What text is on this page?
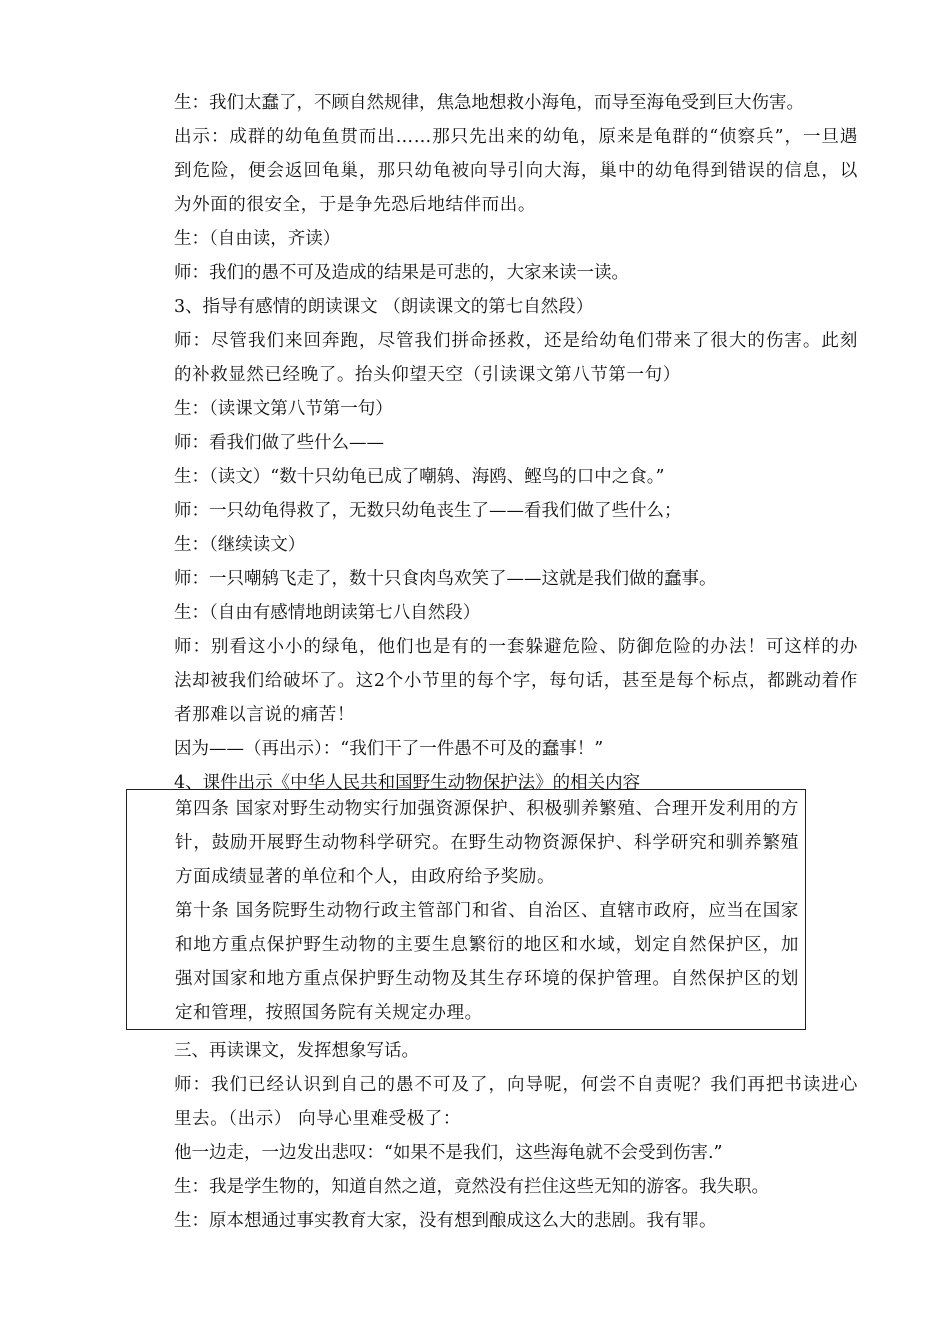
生：我们太蠢了，不顾自然规律，焦急地想救小海龟，而导至海龟受到巨大伤害。
出示：成群的幼龟鱼贯而出……那只先出来的幼龟，原来是龟群的“侦察兵”，一旦遇到危险，便会返回龟巢，那只幼龟被向导引向大海，巢中的幼龟得到错误的信息，以为外面的很安全，于是争先恐后地结伴而出。
生：（自由读，齐读）
师：我们的愚不可及造成的结果是可悲的，大家来读一读。
3、指导有感情的朗读课文 （朗读课文的第七自然段）
师：尽管我们来回奔跑，尽管我们拼命拯救，还是给幼龟们带来了很大的伤害。此刻的补救显然已经晚了。抬头仰望天空（引读课文第八节第一句）
生：（读课文第八节第一句）
师：看我们做了些什么——
生：（读文）“数十只幼龟已成了嘲鸫、海鸥、鲣鸟的口中之食。”
师：一只幼龟得救了，无数只幼龟丧生了——看我们做了些什么；
生：（继续读文）
师：一只嘲鸫飞走了，数十只食肉鸟欢笑了——这就是我们做的蠢事。
生：（自由有感情地朗读第七八自然段）
师：别看这小小的绿龟，他们也是有的一套躲避危险、防御危险的办法！可这样的办法却被我们给破坏了。这2个小节里的每个字，每句话，甚至是每个标点，都跳动着作者那难以言说的痛苦！
因为——（再出示）：“我们干了一件愚不可及的蠢事！”
4、课件出示《中华人民共和国野生动物保护法》的相关内容
第四条 国家对野生动物实行加强资源保护、积极驯养繁殖、合理开发利用的方针，鼓励开展野生动物科学研究。在野生动物资源保护、科学研究和驯养繁殖方面成绩显著的单位和个人，由政府给予奖励。
第十条 国务院野生动物行政主管部门和省、自治区、直辖市政府，应当在国家和地方重点保护野生动物的主要生息繁衍的地区和水域，划定自然保护区，加强对国家和地方重点保护野生动物及其生存环境的保护管理。自然保护区的划定和管理，按照国务院有关规定办理。
三、再读课文，发挥想象写话。
师：我们已经认识到自己的愚不可及了，向导呢，何尝不自责呢？我们再把书读进心里去。（出示） 向导心里难受极了：
他一边走，一边发出悲叹：“如果不是我们，这些海龟就不会受到伤害.”
生：我是学生物的，知道自然之道，竟然没有拦住这些无知的游客。我失职。
生：原本想通过事实教育大家，没有想到酿成这么大的悲剧。我有罪。
